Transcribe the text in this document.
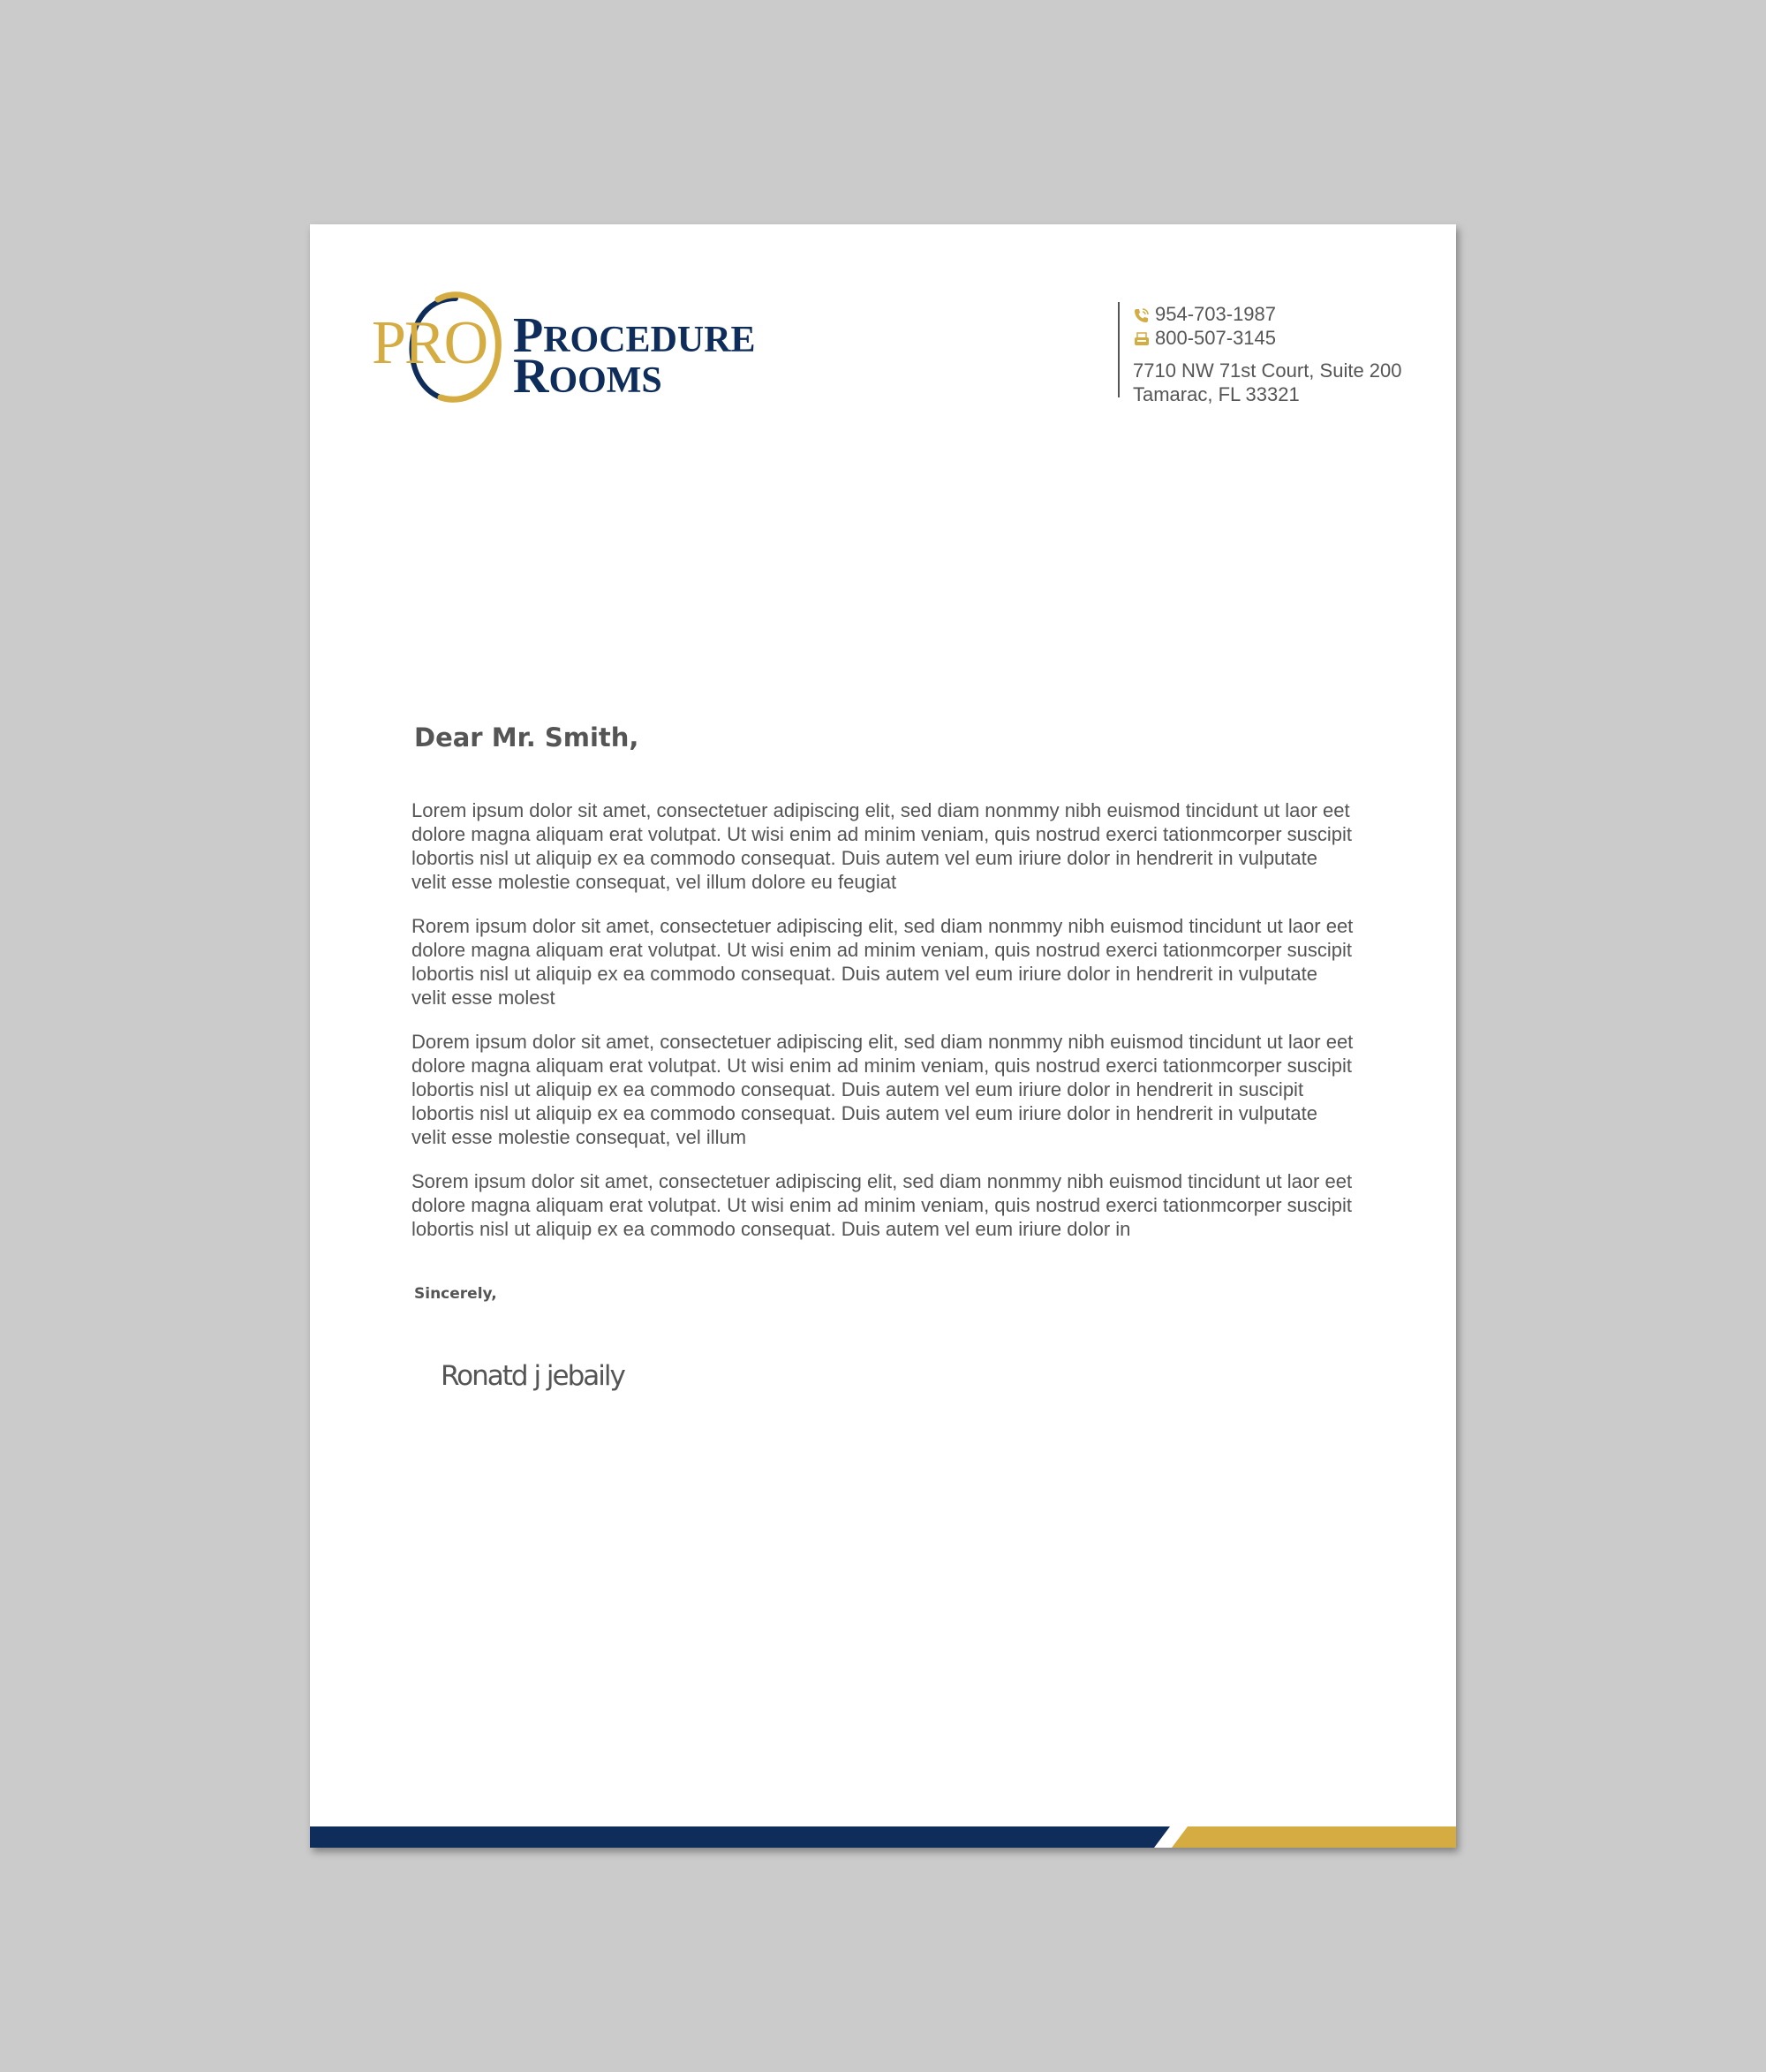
PRO PROCEDURE
ROOMS
954-703-1987
800-507-3145
7710 NW 71st Court, Suite 200
Tamarac, FL 33321
Dear Mr. Smith,

Lorem ipsum dolor sit amet, consectetuer adipiscing elit, sed diam nonmmy nibh euismod tincidunt ut laor eet dolore magna aliquam erat volutpat. Ut wisi enim ad minim veniam, quis nostrud exerci tationmcorper suscipit lobortis nisl ut aliquip ex ea commodo consequat. Duis autem vel eum iriure dolor in hendrerit in vulputate velit esse molestie consequat, vel illum dolore eu feugiat

Rorem ipsum dolor sit amet, consectetuer adipiscing elit, sed diam nonmmy nibh euismod tincidunt ut laor eet dolore magna aliquam erat volutpat. Ut wisi enim ad minim veniam, quis nostrud exerci tationmcorper suscipit lobortis nisl ut aliquip ex ea commodo consequat. Duis autem vel eum iriure dolor in hendrerit in vulputate velit esse molest

Dorem ipsum dolor sit amet, consectetuer adipiscing elit, sed diam nonmmy nibh euismod tincidunt ut laor eet dolore magna aliquam erat volutpat. Ut wisi enim ad minim veniam, quis nostrud exerci tationmcorper suscipit lobortis nisl ut aliquip ex ea commodo consequat. Duis autem vel eum iriure dolor in hendrerit in suscipit lobortis nisl ut aliquip ex ea commodo consequat. Duis autem vel eum iriure dolor in hendrerit in vulputate velit esse molestie consequat, vel illum

Sorem ipsum dolor sit amet, consectetuer adipiscing elit, sed diam nonmmy nibh euismod tincidunt ut laor eet dolore magna aliquam erat volutpat. Ut wisi enim ad minim veniam, quis nostrud exerci tationmcorper suscipit lobortis nisl ut aliquip ex ea commodo consequat. Duis autem vel eum iriure dolor in

Sincerely,
Ronatd j jebaily
